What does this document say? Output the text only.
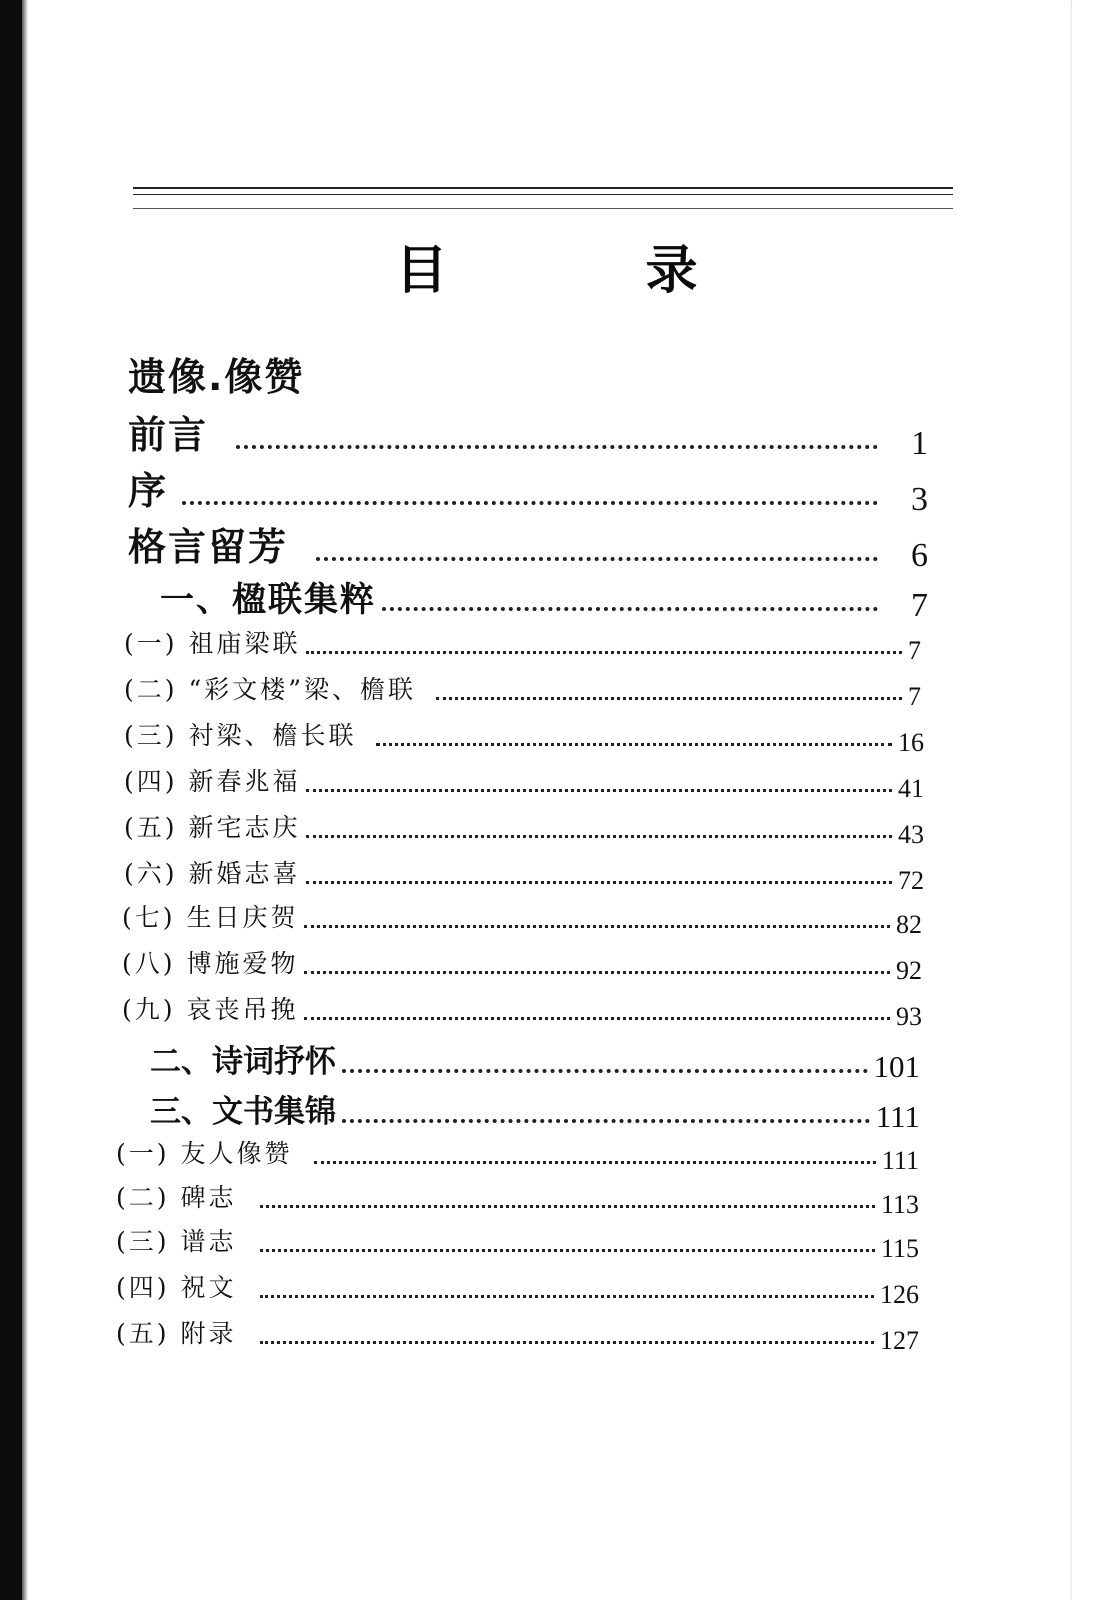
目 录
遗像.像赞
前言	1
序	3
格言留芳	6
一、楹联集粹	7
(一) 祖庙梁联	7
(二) “彩文楼”梁、檐联	7
(三) 衬梁、檐长联	16
(四) 新春兆福	41
(五) 新宅志庆	43
(六) 新婚志喜	72
(七) 生日庆贺	82
(八) 博施爱物	92
(九) 哀丧吊挽	93
二、诗词抒怀	101
三、文书集锦	111
(一) 友人像赞	111
(二) 碑志	113
(三) 谱志	115
(四) 祝文	126
(五) 附录	127
